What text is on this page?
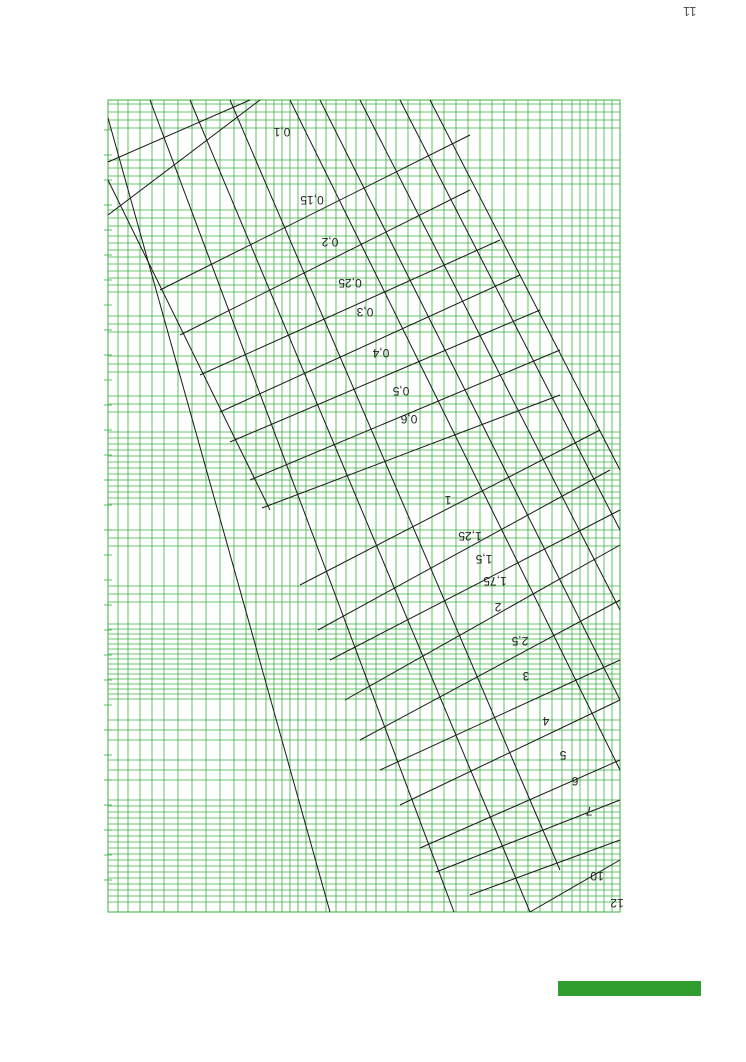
11
0,1
0,15
0,2
0,25
0,3
0,4
0,5
0,6
1
1,25
1,5
1,75
2
2,5
3
4
5
6
7
10
12
